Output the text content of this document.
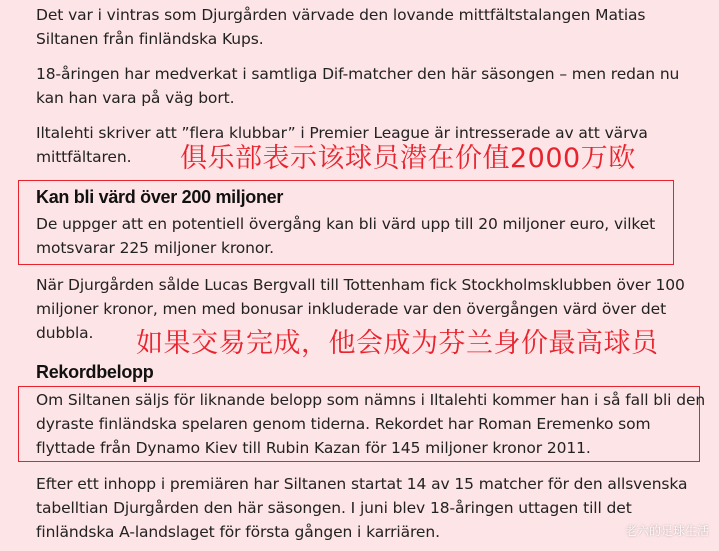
Det var i vintras som Djurgården värvade den lovande mittfältstalangen Matias Siltanen från finländska Kups.

18-åringen har medverkat i samtliga Dif-matcher den här säsongen – men redan nu kan han vara på väg bort.

Iltalehti skriver att ”flera klubbar” i Premier League är intresserade av att värva mittfältaren.	俱乐部表示该球员潜在价值2000万欧

Kan bli värd över 200 miljoner

De uppger att en potentiell övergång kan bli värd upp till 20 miljoner euro, vilket motsvarar 225 miljoner kronor.

När Djurgården sålde Lucas Bergvall till Tottenham fick Stockholmsklubben över 100 miljoner kronor, men med bonusar inkluderade var den övergången värd över det dubbla.	如果交易完成，他会成为芬兰身价最高球员

Rekordbelopp

Om Siltanen säljs för liknande belopp som nämns i Iltalehti kommer han i så fall bli den dyraste finländska spelaren genom tiderna. Rekordet har Roman Eremenko som flyttade från Dynamo Kiev till Rubin Kazan för 145 miljoner kronor 2011.

Efter ett inhopp i premiären har Siltanen startat 14 av 15 matcher för den allsvenska tabelltian Djurgården den här säsongen. I juni blev 18-åringen uttagen till det finländska A-landslaget för första gången i karriären.	老六的足球生活
